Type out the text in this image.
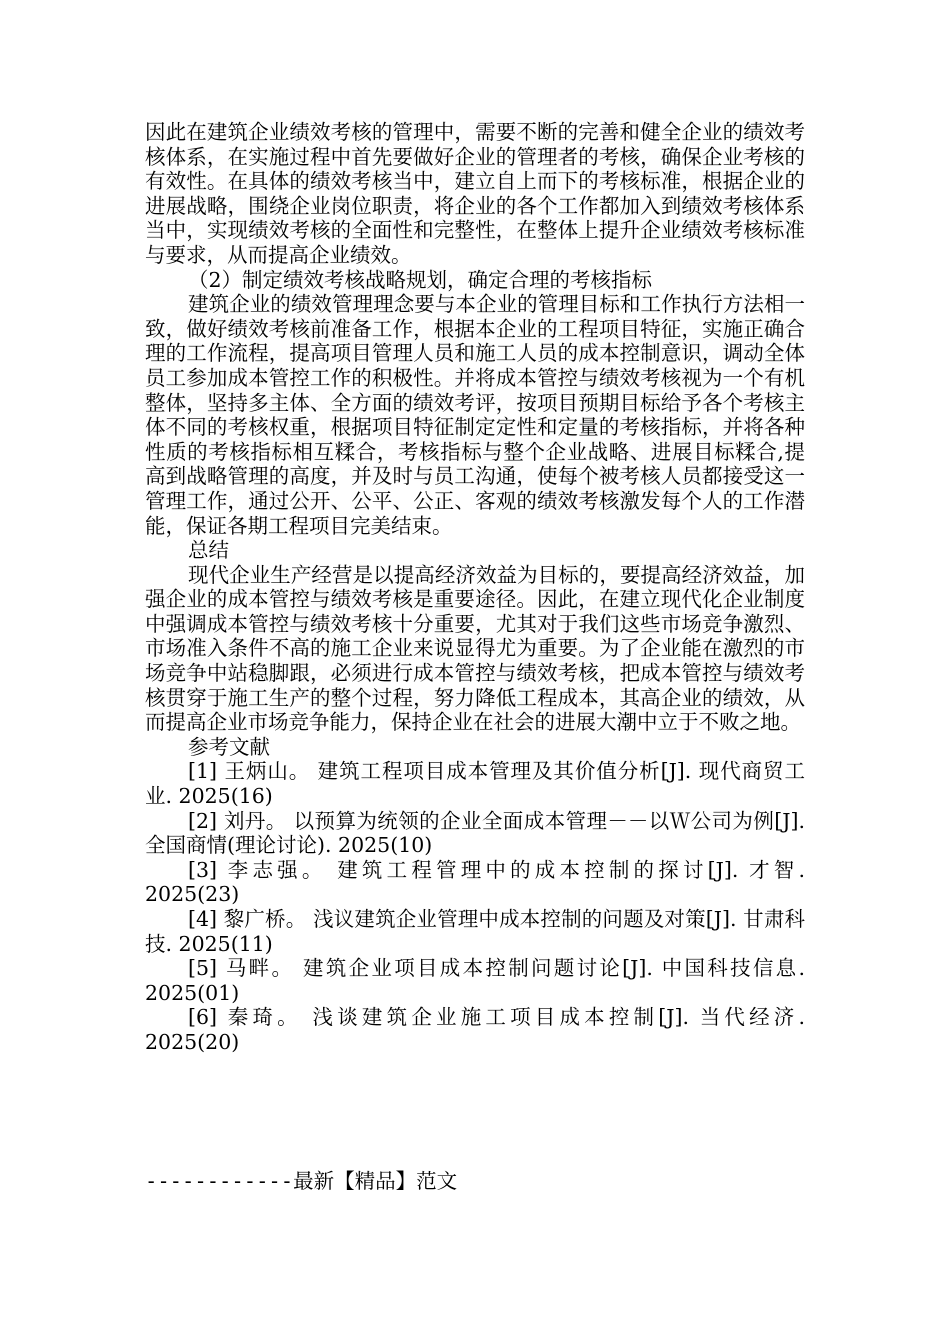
因此在建筑企业绩效考核的管理中，需要不断的完善和健全企业的绩效考核体系，在实施过程中首先要做好企业的管理者的考核，确保企业考核的有效性。在具体的绩效考核当中，建立自上而下的考核标准，根据企业的进展战略，围绕企业岗位职责，将企业的各个工作都加入到绩效考核体系当中，实现绩效考核的全面性和完整性，在整体上提升企业绩效考核标准与要求，从而提高企业绩效。

（2）制定绩效考核战略规划，确定合理的考核指标

建筑企业的绩效管理理念要与本企业的管理目标和工作执行方法相一致，做好绩效考核前准备工作，根据本企业的工程项目特征，实施正确合理的工作流程，提高项目管理人员和施工人员的成本控制意识，调动全体员工参加成本管控工作的积极性。并将成本管控与绩效考核视为一个有机整体，坚持多主体、全方面的绩效考评，按项目预期目标给予各个考核主体不同的考核权重，根据项目特征制定定性和定量的考核指标，并将各种性质的考核指标相互糅合，考核指标与整个企业战略、进展目标糅合,提高到战略管理的高度，并及时与员工沟通，使每个被考核人员都接受这一管理工作，通过公开、公平、公正、客观的绩效考核激发每个人的工作潜能，保证各期工程项目完美结束。

总结

现代企业生产经营是以提高经济效益为目标的，要提高经济效益，加强企业的成本管控与绩效考核是重要途径。因此，在建立现代化企业制度中强调成本管控与绩效考核十分重要，尤其对于我们这些市场竞争激烈、市场准入条件不高的施工企业来说显得尤为重要。为了企业能在激烈的市场竞争中站稳脚跟，必须进行成本管控与绩效考核，把成本管控与绩效考核贯穿于施工生产的整个过程，努力降低工程成本，其高企业的绩效，从而提高企业市场竞争能力，保持企业在社会的进展大潮中立于不败之地。

参考文献

[1] 王炳山。 建筑工程项目成本管理及其价值分析[J]. 现代商贸工业. 2025(16)

[2] 刘丹。 以预算为统领的企业全面成本管理－－以Ｗ公司为例[J]. 全国商情(理论讨论). 2025(10)

[3] 李志强。 建筑工程管理中的成本控制的探讨[J]. 才智. 2025(23)

[4] 黎广桥。 浅议建筑企业管理中成本控制的问题及对策[J]. 甘肃科技. 2025(11)

[5] 马畔。 建筑企业项目成本控制问题讨论[J]. 中国科技信息. 2025(01)

[6] 秦琦。 浅谈建筑企业施工项目成本控制[J]. 当代经济. 2025(20)

------------最新【精品】范文
